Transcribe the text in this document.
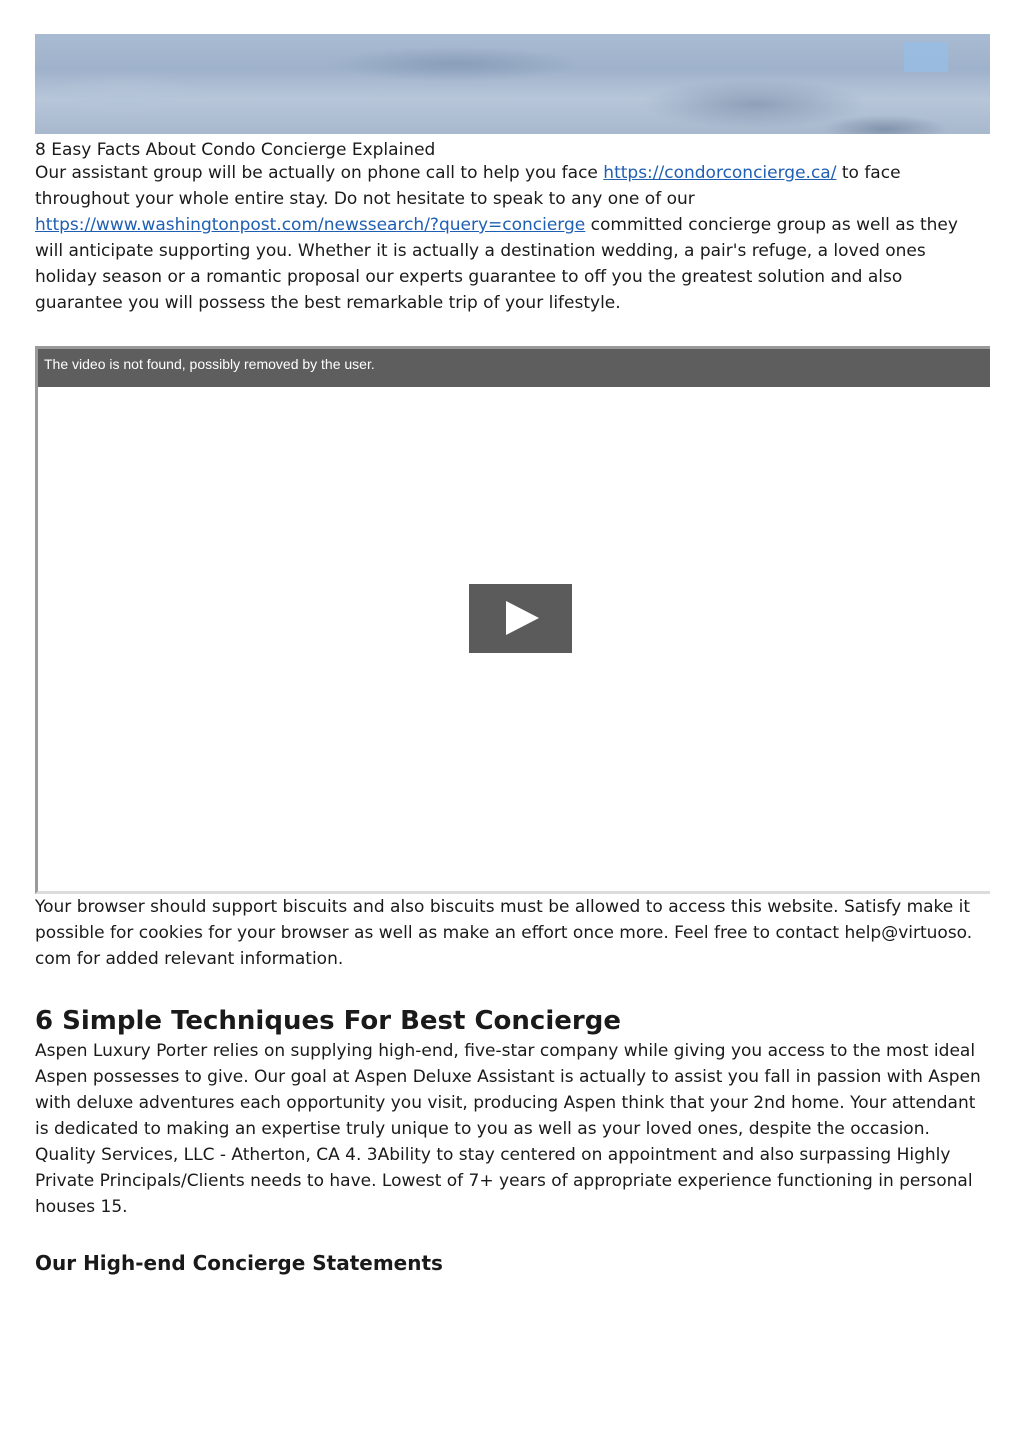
8 Easy Facts About Condo Concierge Explained

Our assistant group will be actually on phone call to help you face https://condorconcierge.ca/ to face throughout your whole entire stay. Do not hesitate to speak to any one of our https://www.washingtonpost.com/newssearch/?query=concierge committed concierge group as well as they will anticipate supporting you. Whether it is actually a destination wedding, a pair's refuge, a loved ones holiday season or a romantic proposal our experts guarantee to off you the greatest solution and also guarantee you will possess the best remarkable trip of your lifestyle.

The video is not found, possibly removed by the user.

Your browser should support biscuits and also biscuits must be allowed to access this website. Satisfy make it possible for cookies for your browser as well as make an effort once more. Feel free to contact help@virtuoso. com for added relevant information.

6 Simple Techniques For Best Concierge

Aspen Luxury Porter relies on supplying high-end, five-star company while giving you access to the most ideal Aspen possesses to give. Our goal at Aspen Deluxe Assistant is actually to assist you fall in passion with Aspen with deluxe adventures each opportunity you visit, producing Aspen think that your 2nd home. Your attendant is dedicated to making an expertise truly unique to you as well as your loved ones, despite the occasion.

Quality Services, LLC - Atherton, CA 4. 3Ability to stay centered on appointment and also surpassing Highly Private Principals/Clients needs to have. Lowest of 7+ years of appropriate experience functioning in personal houses 15.

Our High-end Concierge Statements
